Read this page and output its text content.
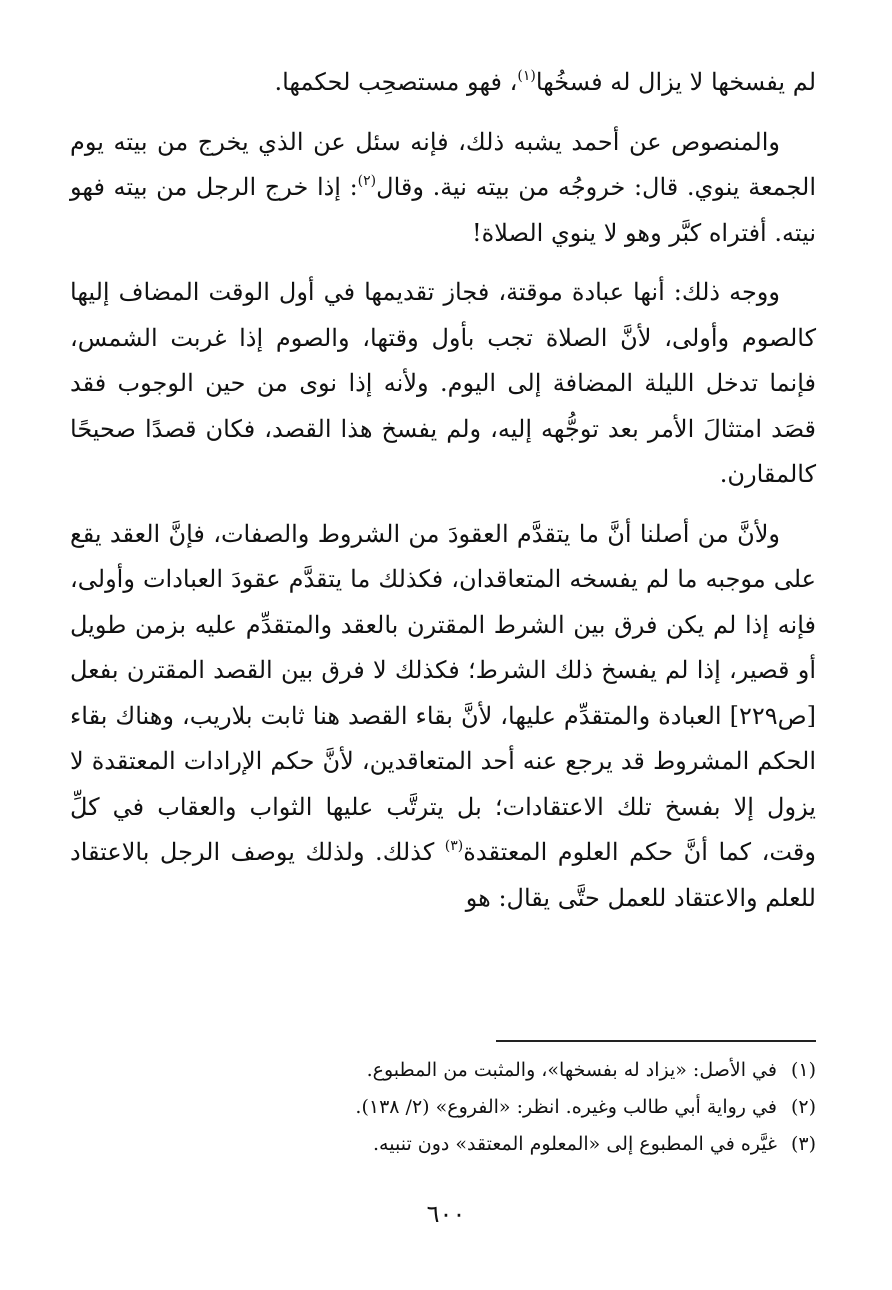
لم يفسخها لا يزال له فسخُها$^{(١)}$، فهو مستصحِب لحكمها.

والمنصوص عن أحمد يشبه ذلك، فإنه سئل عن الذي يخرج من بيته يوم الجمعة ينوي. قال: خروجُه من بيته نية. وقال$^{(٢)}$: إذا خرج الرجل من بيته فهو نيته. أفتراه كبَّر وهو لا ينوي الصلاة!

ووجه ذلك: أنها عبادة موقتة، فجاز تقديمها في أول الوقت المضاف إليها كالصوم وأولى، لأنَّ الصلاة تجب بأول وقتها، والصوم إذا غربت الشمس، فإنما تدخل الليلة المضافة إلى اليوم. ولأنه إذا نوى من حين الوجوب فقد قصَد امتثالَ الأمر بعد توجُّهه إليه، ولم يفسخ هذا القصد، فكان قصدًا صحيحًا كالمقارن.

ولأنَّ من أصلنا أنَّ ما يتقدَّم العقودَ من الشروط والصفات، فإنَّ العقد يقع على موجبه ما لم يفسخه المتعاقدان، فكذلك ما يتقدَّم عقودَ العبادات وأولى، فإنه إذا لم يكن فرق بين الشرط المقترن بالعقد والمتقدِّم عليه بزمن طويل أو قصير، إذا لم يفسخ ذلك الشرط؛ فكذلك لا فرق بين القصد المقترن بفعل [ص٢٢٩] العبادة والمتقدِّم عليها، لأنَّ بقاء القصد هنا ثابت بلاريب، وهناك بقاء الحكم المشروط قد يرجع عنه أحد المتعاقدين، لأنَّ حكم الإرادات المعتقدة لا يزول إلا بفسخ تلك الاعتقادات؛ بل يترتَّب عليها الثواب والعقاب في كلِّ وقت، كما أنَّ حكم العلوم المعتقدة$^{(٣)}$ كذلك. ولذلك يوصف الرجل بالاعتقاد للعلم والاعتقاد للعمل حتَّى يقال: هو

(١)في الأصل: «يزاد له بفسخها»، والمثبت من المطبوع.
(٢)في رواية أبي طالب وغيره. انظر: «الفروع» (٢/ ١٣٨).
(٣)غيَّره في المطبوع إلى «المعلوم المعتقد» دون تنبيه.
٦٠٠
